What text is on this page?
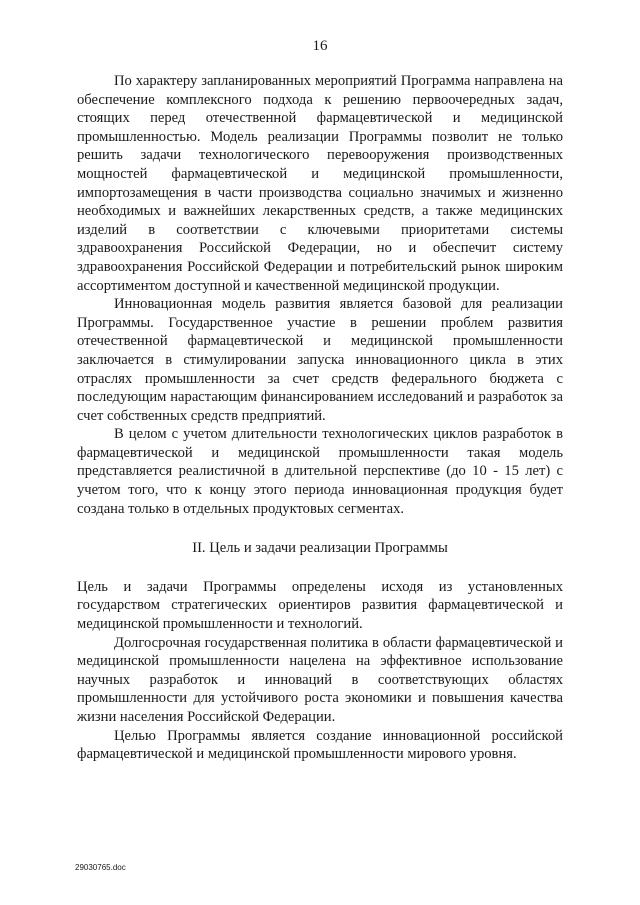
16

По характеру запланированных мероприятий Программа направлена на обеспечение комплексного подхода к решению первоочередных задач, стоящих перед отечественной фармацевтической и медицинской промышленностью. Модель реализации Программы позволит не только решить задачи технологического перевооружения производственных мощностей фармацевтической и медицинской промышленности, импортозамещения в части производства социально значимых и жизненно необходимых и важнейших лекарственных средств, а также медицинских изделий в соответствии с ключевыми приоритетами системы здравоохранения Российской Федерации, но и обеспечит систему здравоохранения Российской Федерации и потребительский рынок широким ассортиментом доступной и качественной медицинской продукции.

Инновационная модель развития является базовой для реализации Программы. Государственное участие в решении проблем развития отечественной фармацевтической и медицинской промышленности заключается в стимулировании запуска инновационного цикла в этих отраслях промышленности за счет средств федерального бюджета с последующим нарастающим финансированием исследований и разработок за счет собственных средств предприятий.

В целом с учетом длительности технологических циклов разработок в фармацевтической и медицинской промышленности такая модель представляется реалистичной в длительной перспективе (до 10 - 15 лет) с учетом того, что к концу этого периода инновационная продукция будет создана только в отдельных продуктовых сегментах.

II. Цель и задачи реализации Программы

Цель и задачи Программы определены исходя из установленных государством стратегических ориентиров развития фармацевтической и медицинской промышленности и технологий.

Долгосрочная государственная политика в области фармацевтической и медицинской промышленности нацелена на эффективное использование научных разработок и инноваций в соответствующих областях промышленности для устойчивого роста экономики и повышения качества жизни населения Российской Федерации.

Целью Программы является создание инновационной российской фармацевтической и медицинской промышленности мирового уровня.

29030765.doc
